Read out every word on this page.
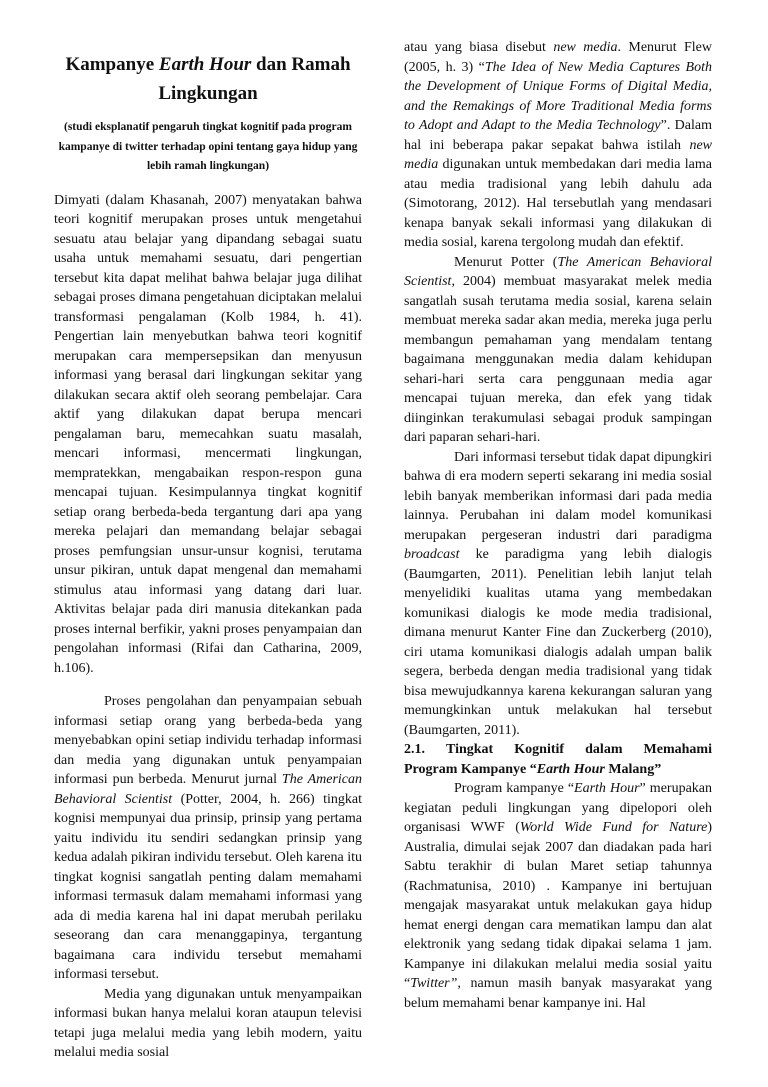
Kampanye Earth Hour dan Ramah Lingkungan
(studi eksplanatif pengaruh tingkat kognitif pada program kampanye di twitter terhadap opini tentang gaya hidup yang lebih ramah lingkungan)

Dimyati (dalam Khasanah, 2007) menyatakan bahwa teori kognitif merupakan proses untuk mengetahui sesuatu atau belajar yang dipandang sebagai suatu usaha untuk memahami sesuatu, dari pengertian tersebut kita dapat melihat bahwa belajar juga dilihat sebagai proses dimana pengetahuan diciptakan melalui transformasi pengalaman (Kolb 1984, h. 41). Pengertian lain menyebutkan bahwa teori kognitif merupakan cara mempersepsikan dan menyusun informasi yang berasal dari lingkungan sekitar yang dilakukan secara aktif oleh seorang pembelajar. Cara aktif yang dilakukan dapat berupa mencari pengalaman baru, memecahkan suatu masalah, mencari informasi, mencermati lingkungan, mempratekkan, mengabaikan respon-respon guna mencapai tujuan. Kesimpulannya tingkat kognitif setiap orang berbeda-beda tergantung dari apa yang mereka pelajari dan memandang belajar sebagai proses pemfungsian unsur-unsur kognisi, terutama unsur pikiran, untuk dapat mengenal dan memahami stimulus atau informasi yang datang dari luar. Aktivitas belajar pada diri manusia ditekankan pada proses internal berfikir, yakni proses penyampaian dan pengolahan informasi (Rifai dan Catharina, 2009, h.106).

Proses pengolahan dan penyampaian sebuah informasi setiap orang yang berbeda-beda yang menyebabkan opini setiap individu terhadap informasi dan media yang digunakan untuk penyampaian informasi pun berbeda. Menurut jurnal The American Behavioral Scientist (Potter, 2004, h. 266) tingkat kognisi mempunyai dua prinsip, prinsip yang pertama yaitu individu itu sendiri sedangkan prinsip yang kedua adalah pikiran individu tersebut. Oleh karena itu tingkat kognisi sangatlah penting dalam memahami informasi termasuk dalam memahami informasi yang ada di media karena hal ini dapat merubah perilaku seseorang dan cara menanggapinya, tergantung bagaimana cara individu tersebut memahami informasi tersebut.

Media yang digunakan untuk menyampaikan informasi bukan hanya melalui koran ataupun televisi tetapi juga melalui media yang lebih modern, yaitu melalui media sosial

atau yang biasa disebut new media. Menurut Flew (2005, h. 3) “The Idea of New Media Captures Both the Development of Unique Forms of Digital Media, and the Remakings of More Traditional Media forms to Adopt and Adapt to the Media Technology”. Dalam hal ini beberapa pakar sepakat bahwa istilah new media digunakan untuk membedakan dari media lama atau media tradisional yang lebih dahulu ada (Simotorang, 2012). Hal tersebutlah yang mendasari kenapa banyak sekali informasi yang dilakukan di media sosial, karena tergolong mudah dan efektif.

Menurut Potter (The American Behavioral Scientist, 2004) membuat masyarakat melek media sangatlah susah terutama media sosial, karena selain membuat mereka sadar akan media, mereka juga perlu membangun pemahaman yang mendalam tentang bagaimana menggunakan media dalam kehidupan sehari-hari serta cara penggunaan media agar mencapai tujuan mereka, dan efek yang tidak diinginkan terakumulasi sebagai produk sampingan dari paparan sehari-hari.

Dari informasi tersebut tidak dapat dipungkiri bahwa di era modern seperti sekarang ini media sosial lebih banyak memberikan informasi dari pada media lainnya. Perubahan ini dalam model komunikasi merupakan pergeseran industri dari paradigma broadcast ke paradigma yang lebih dialogis (Baumgarten, 2011). Penelitian lebih lanjut telah menyelidiki kualitas utama yang membedakan komunikasi dialogis ke mode media tradisional, dimana menurut Kanter Fine dan Zuckerberg (2010), ciri utama komunikasi dialogis adalah umpan balik segera, berbeda dengan media tradisional yang tidak bisa mewujudkannya karena kekurangan saluran yang memungkinkan untuk melakukan hal tersebut (Baumgarten, 2011).

2.1. Tingkat Kognitif dalam Memahami Program Kampanye “Earth Hour Malang”

Program kampanye “Earth Hour” merupakan kegiatan peduli lingkungan yang dipelopori oleh organisasi WWF (World Wide Fund for Nature) Australia, dimulai sejak 2007 dan diadakan pada hari Sabtu terakhir di bulan Maret setiap tahunnya (Rachmatunisa, 2010) . Kampanye ini bertujuan mengajak masyarakat untuk melakukan gaya hidup hemat energi dengan cara mematikan lampu dan alat elektronik yang sedang tidak dipakai selama 1 jam. Kampanye ini dilakukan melalui media sosial yaitu “Twitter”, namun masih banyak masyarakat yang belum memahami benar kampanye ini. Hal
